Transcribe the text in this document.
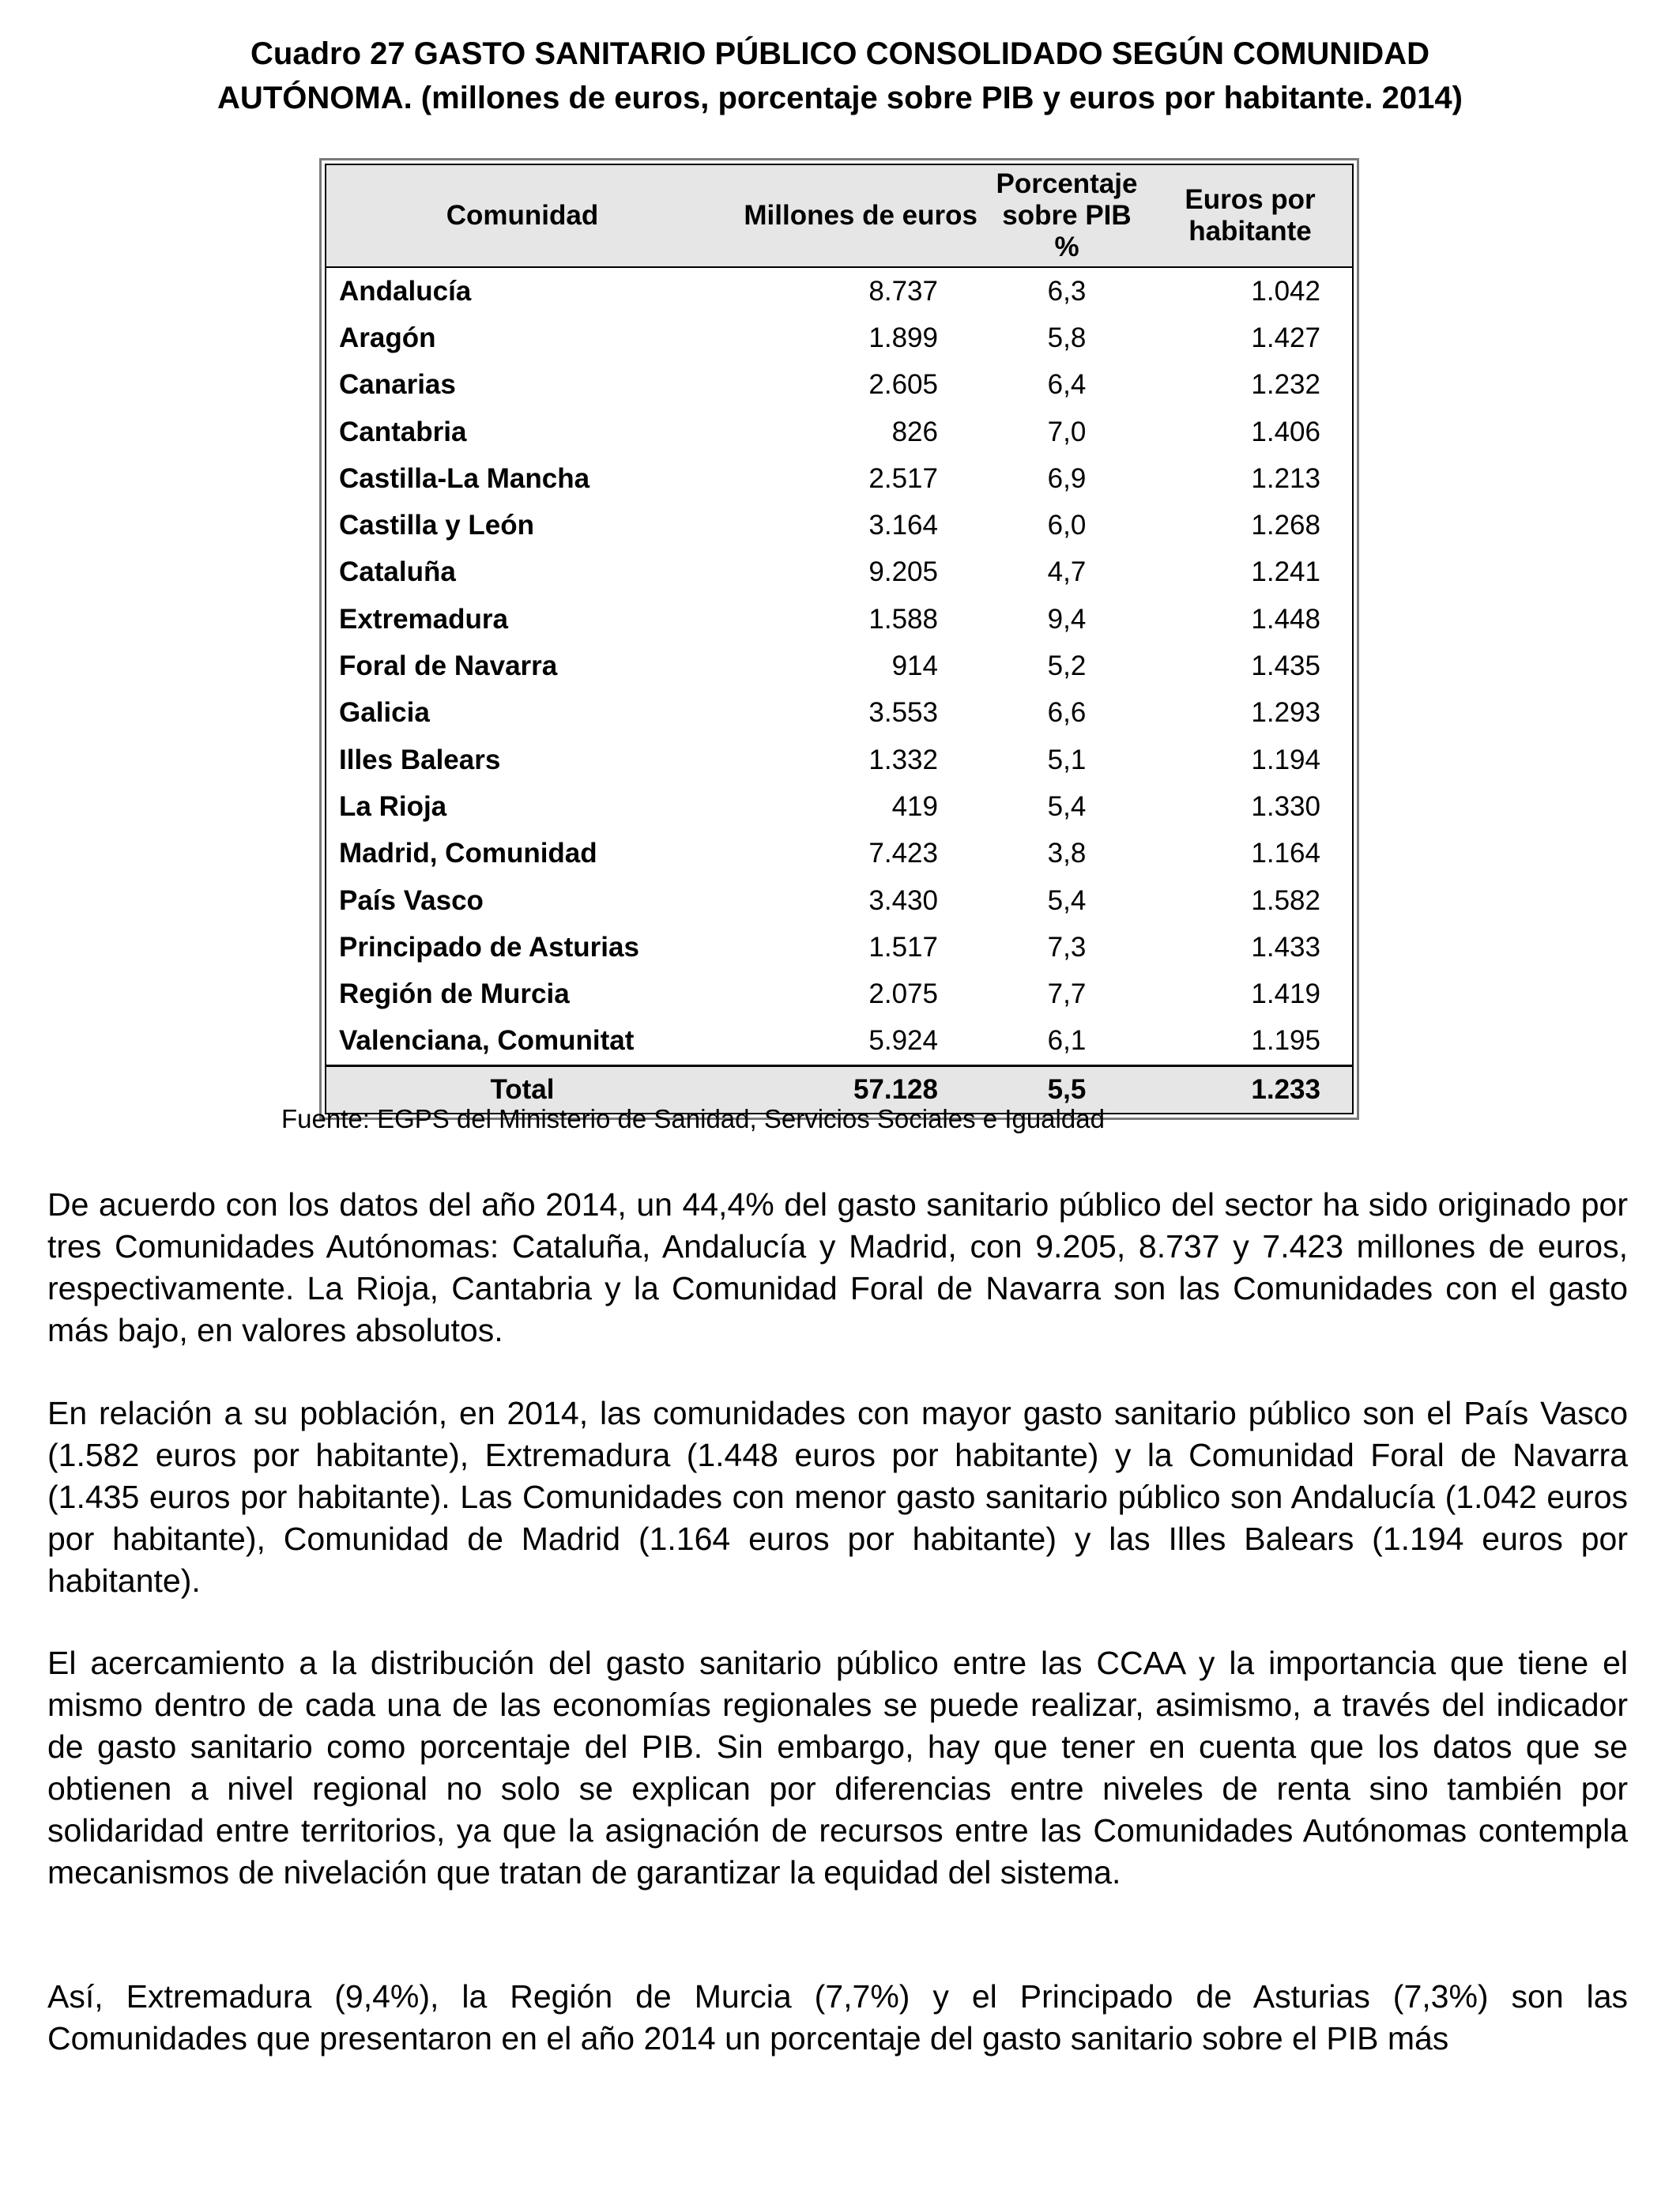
Cuadro 27 GASTO SANITARIO PÚBLICO CONSOLIDADO SEGÚN COMUNIDAD
AUTÓNOMA. (millones de euros, porcentaje sobre PIB y euros por habitante. 2014)
Comunidad	Millones de euros	Porcentaje sobre PIB %	Euros por habitante
Andalucía	8.737	6,3	1.042
Aragón	1.899	5,8	1.427
Canarias	2.605	6,4	1.232
Cantabria	826	7,0	1.406
Castilla-La Mancha	2.517	6,9	1.213
Castilla y León	3.164	6,0	1.268
Cataluña	9.205	4,7	1.241
Extremadura	1.588	9,4	1.448
Foral de Navarra	914	5,2	1.435
Galicia	3.553	6,6	1.293
Illes Balears	1.332	5,1	1.194
La Rioja	419	5,4	1.330
Madrid, Comunidad	7.423	3,8	1.164
País Vasco	3.430	5,4	1.582
Principado de Asturias	1.517	7,3	1.433
Región de Murcia	2.075	7,7	1.419
Valenciana, Comunitat	5.924	6,1	1.195
Total	57.128	5,5	1.233
Fuente: EGPS del Ministerio de Sanidad, Servicios Sociales e Igualdad

De acuerdo con los datos del año 2014, un 44,4% del gasto sanitario público del sector ha sido originado por tres Comunidades Autónomas: Cataluña, Andalucía y Madrid, con 9.205, 8.737 y 7.423 millones de euros, respectivamente. La Rioja, Cantabria y la Comunidad Foral de Navarra son las Comunidades con el gasto más bajo, en valores absolutos.

En relación a su población, en 2014, las comunidades con mayor gasto sanitario público son el País Vasco (1.582 euros por habitante), Extremadura (1.448 euros por habitante) y la Comunidad Foral de Navarra (1.435 euros por habitante). Las Comunidades con menor gasto sanitario público son Andalucía (1.042 euros por habitante), Comunidad de Madrid (1.164 euros por habitante) y las Illes Balears (1.194 euros por habitante).

El acercamiento a la distribución del gasto sanitario público entre las CCAA y la importancia que tiene el mismo dentro de cada una de las economías regionales se puede realizar, asimismo, a través del indicador de gasto sanitario como porcentaje del PIB. Sin embargo, hay que tener en cuenta que los datos que se obtienen a nivel regional no solo se explican por diferencias entre niveles de renta sino también por solidaridad entre territorios, ya que la asignación de recursos entre las Comunidades Autónomas contempla mecanismos de nivelación que tratan de garantizar la equidad del sistema.

Así, Extremadura (9,4%), la Región de Murcia (7,7%) y el Principado de Asturias (7,3%) son las Comunidades que presentaron en el año 2014 un porcentaje del gasto sanitario sobre el PIB más
